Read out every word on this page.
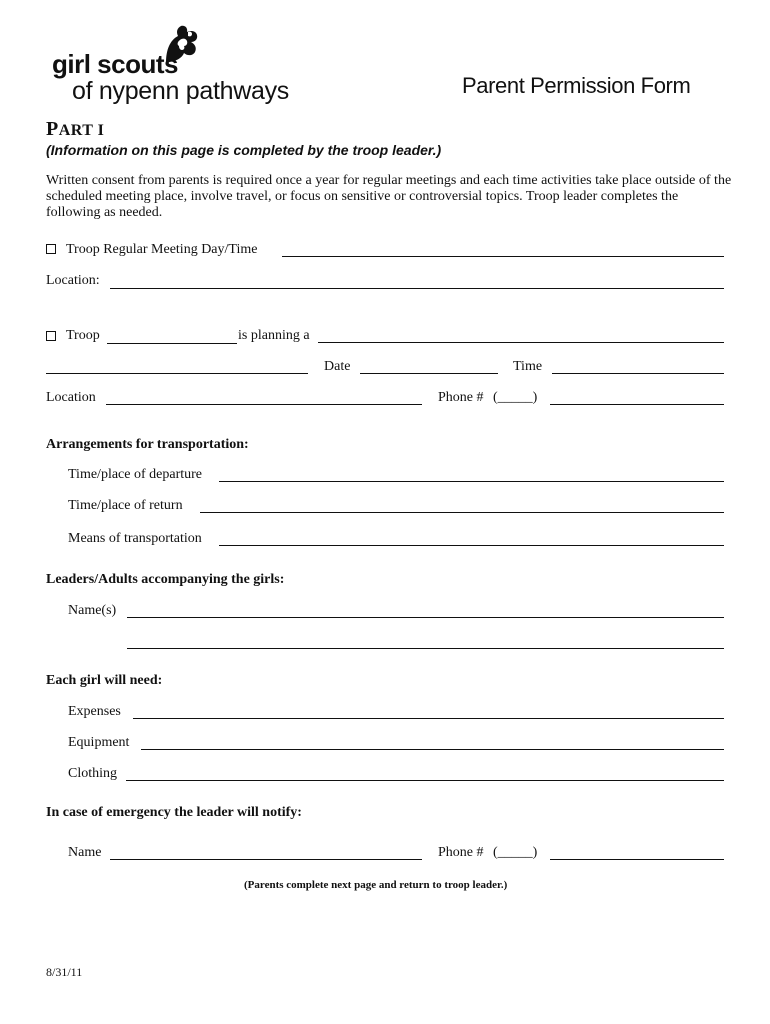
girl scouts
of nypenn pathways	Parent Permission Form
PART I
(Information on this page is completed by the troop leader.)
Written consent from parents is required once a year for regular meetings and each time activities take place outside of the scheduled meeting place, involve travel, or focus on sensitive or controversial topics. Troop leader completes the following as needed.
Troop Regular Meeting Day/Time
Location:
Troop	is planning a
Date	Time
Location	Phone # (_____)
Arrangements for transportation:
Time/place of departure
Time/place of return
Means of transportation
Leaders/Adults accompanying the girls:
Name(s)
Each girl will need:
Expenses
Equipment
Clothing
In case of emergency the leader will notify:
Name	Phone # (_____)
(Parents complete next page and return to troop leader.)
8/31/11
